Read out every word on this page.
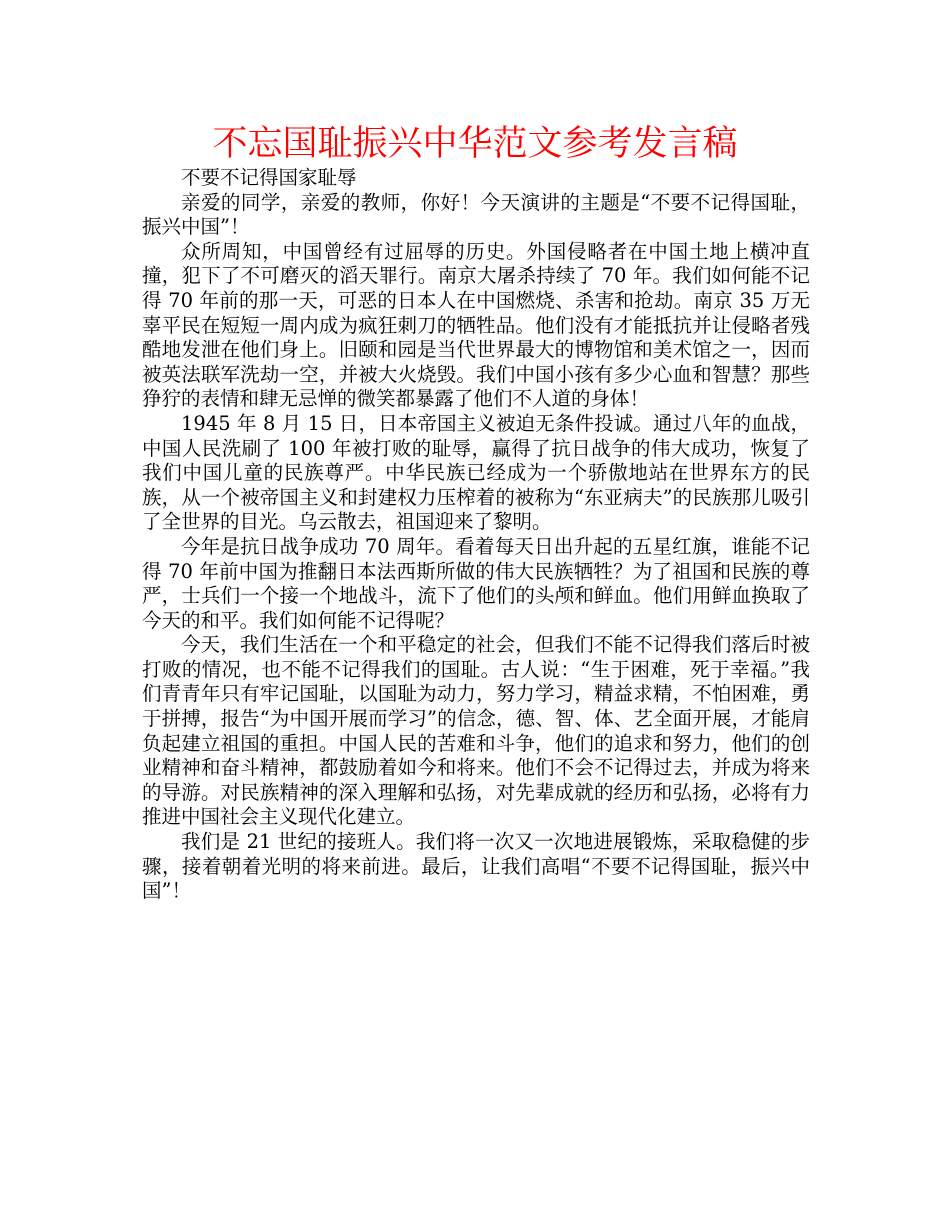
不忘国耻振兴中华范文参考发言稿

不要不记得国家耻辱

亲爱的同学，亲爱的教师，你好！今天演讲的主题是“不要不记得国耻，振兴中国”！

众所周知，中国曾经有过屈辱的历史。外国侵略者在中国土地上横冲直撞，犯下了不可磨灭的滔天罪行。南京大屠杀持续了 70 年。我们如何能不记得 70 年前的那一天，可恶的日本人在中国燃烧、杀害和抢劫。南京 35 万无辜平民在短短一周内成为疯狂刺刀的牺牲品。他们没有才能抵抗并让侵略者残酷地发泄在他们身上。旧颐和园是当代世界最大的博物馆和美术馆之一，因而被英法联军洗劫一空，并被大火烧毁。我们中国小孩有多少心血和智慧？那些狰狞的表情和肆无忌惮的微笑都暴露了他们不人道的身体！

1945 年 8 月 15 日，日本帝国主义被迫无条件投诚。通过八年的血战，中国人民洗刷了 100 年被打败的耻辱，赢得了抗日战争的伟大成功，恢复了我们中国儿童的民族尊严。中华民族已经成为一个骄傲地站在世界东方的民族，从一个被帝国主义和封建权力压榨着的被称为“东亚病夫”的民族那儿吸引了全世界的目光。乌云散去，祖国迎来了黎明。

今年是抗日战争成功 70 周年。看着每天日出升起的五星红旗，谁能不记得 70 年前中国为推翻日本法西斯所做的伟大民族牺牲？为了祖国和民族的尊严，士兵们一个接一个地战斗，流下了他们的头颅和鲜血。他们用鲜血换取了今天的和平。我们如何能不记得呢？

今天，我们生活在一个和平稳定的社会，但我们不能不记得我们落后时被打败的情况，也不能不记得我们的国耻。古人说：“生于困难，死于幸福。”我们青青年只有牢记国耻，以国耻为动力，努力学习，精益求精，不怕困难，勇于拼搏，报告“为中国开展而学习”的信念，德、智、体、艺全面开展，才能肩负起建立祖国的重担。中国人民的苦难和斗争，他们的追求和努力，他们的创业精神和奋斗精神，都鼓励着如今和将来。他们不会不记得过去，并成为将来的导游。对民族精神的深入理解和弘扬，对先辈成就的经历和弘扬，必将有力推进中国社会主义现代化建立。

我们是 21 世纪的接班人。我们将一次又一次地进展锻炼，采取稳健的步骤，接着朝着光明的将来前进。最后，让我们高唱“不要不记得国耻，振兴中国”！
